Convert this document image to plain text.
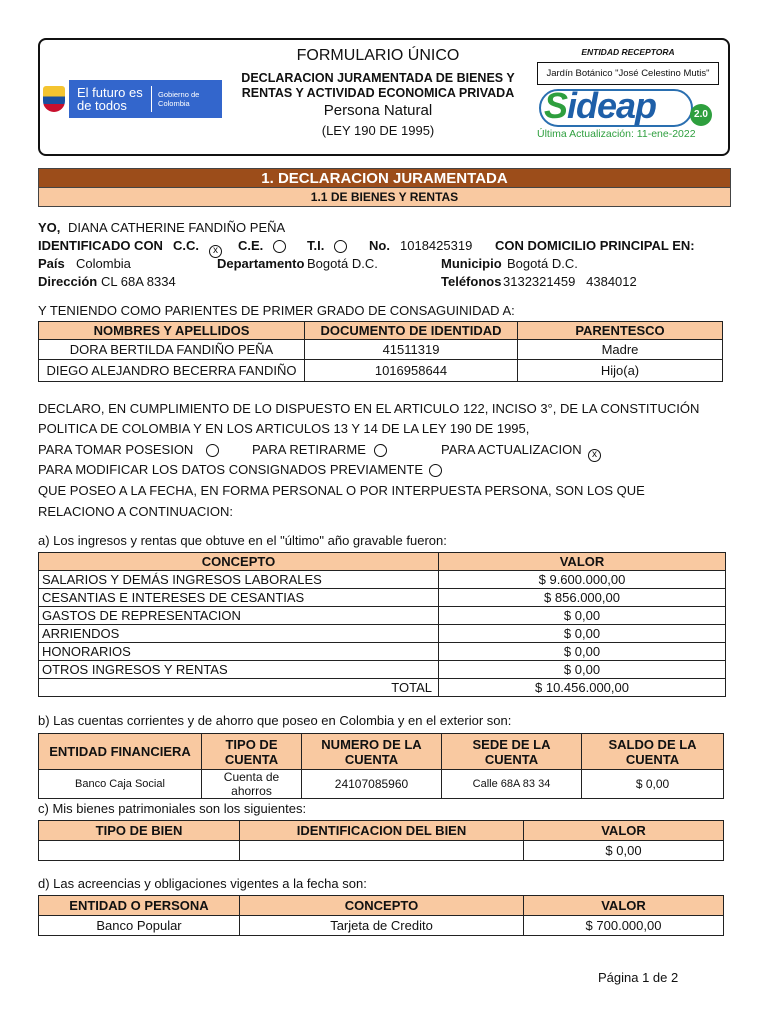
El futuro es de todos
Gobierno de Colombia
FORMULARIO ÚNICO
DECLARACION JURAMENTADA DE BIENES Y
RENTAS Y ACTIVIDAD ECONOMICA PRIVADA
Persona Natural
(LEY 190 DE 1995)
ENTIDAD RECEPTORA
Jardín Botánico "José Celestino Mutis"
Sideap	2.0
Última Actualización: 11-ene-2022
1. DECLARACION JURAMENTADA
1.1 DE BIENES Y RENTAS
YO, DIANA CATHERINE FANDIÑO PEÑA
IDENTIFICADO CON C.C.	x	C.E.	T.I.	No. 1018425319 CON DOMICILIO PRINCIPAL EN:
País Colombia	Departamento Bogotá D.C.	Municipio Bogotá D.C.
Dirección CL 68A 8334	Teléfonos 3132321459   4384012
Y TENIENDO COMO PARIENTES DE PRIMER GRADO DE CONSAGUINIDAD A:
NOMBRES Y APELLIDOS	DOCUMENTO DE IDENTIDAD	PARENTESCO
DORA BERTILDA FANDIÑO PEÑA	41511319	Madre
DIEGO ALEJANDRO BECERRA FANDIÑO	1016958644	Hijo(a)
DECLARO, EN CUMPLIMIENTO DE LO DISPUESTO EN EL ARTICULO 122, INCISO 3°, DE LA CONSTITUCIÓN
POLITICA DE COLOMBIA Y EN LOS ARTICULOS 13 Y 14 DE LA LEY 190 DE 1995,
PARA TOMAR POSESION	PARA RETIRARME	PARA ACTUALIZACION	x
PARA MODIFICAR LOS DATOS CONSIGNADOS PREVIAMENTE
QUE POSEO A LA FECHA, EN FORMA PERSONAL O POR INTERPUESTA PERSONA, SON LOS QUE
RELACIONO A CONTINUACION:
a) Los ingresos y rentas que obtuve en el "último" año gravable fueron:
CONCEPTO	VALOR
SALARIOS Y DEMÁS INGRESOS LABORALES	$ 9.600.000,00
CESANTIAS E INTERESES DE CESANTIAS	$ 856.000,00
GASTOS DE REPRESENTACION	$ 0,00
ARRIENDOS	$ 0,00
HONORARIOS	$ 0,00
OTROS INGRESOS Y RENTAS	$ 0,00
TOTAL	$ 10.456.000,00
b) Las cuentas corrientes y de ahorro que poseo en Colombia y en el exterior son:
ENTIDAD FINANCIERA	TIPO DE CUENTA	NUMERO DE LA CUENTA	SEDE DE LA CUENTA	SALDO DE LA CUENTA
Banco Caja Social	Cuenta de ahorros	24107085960	Calle 68A 83 34	$ 0,00
c) Mis bienes patrimoniales son los siguientes:
TIPO DE BIEN	IDENTIFICACION DEL BIEN	VALOR
		$ 0,00
d) Las acreencias y obligaciones vigentes a la fecha son:
ENTIDAD O PERSONA	CONCEPTO	VALOR
Banco Popular	Tarjeta de Credito	$ 700.000,00
Página 1 de 2
